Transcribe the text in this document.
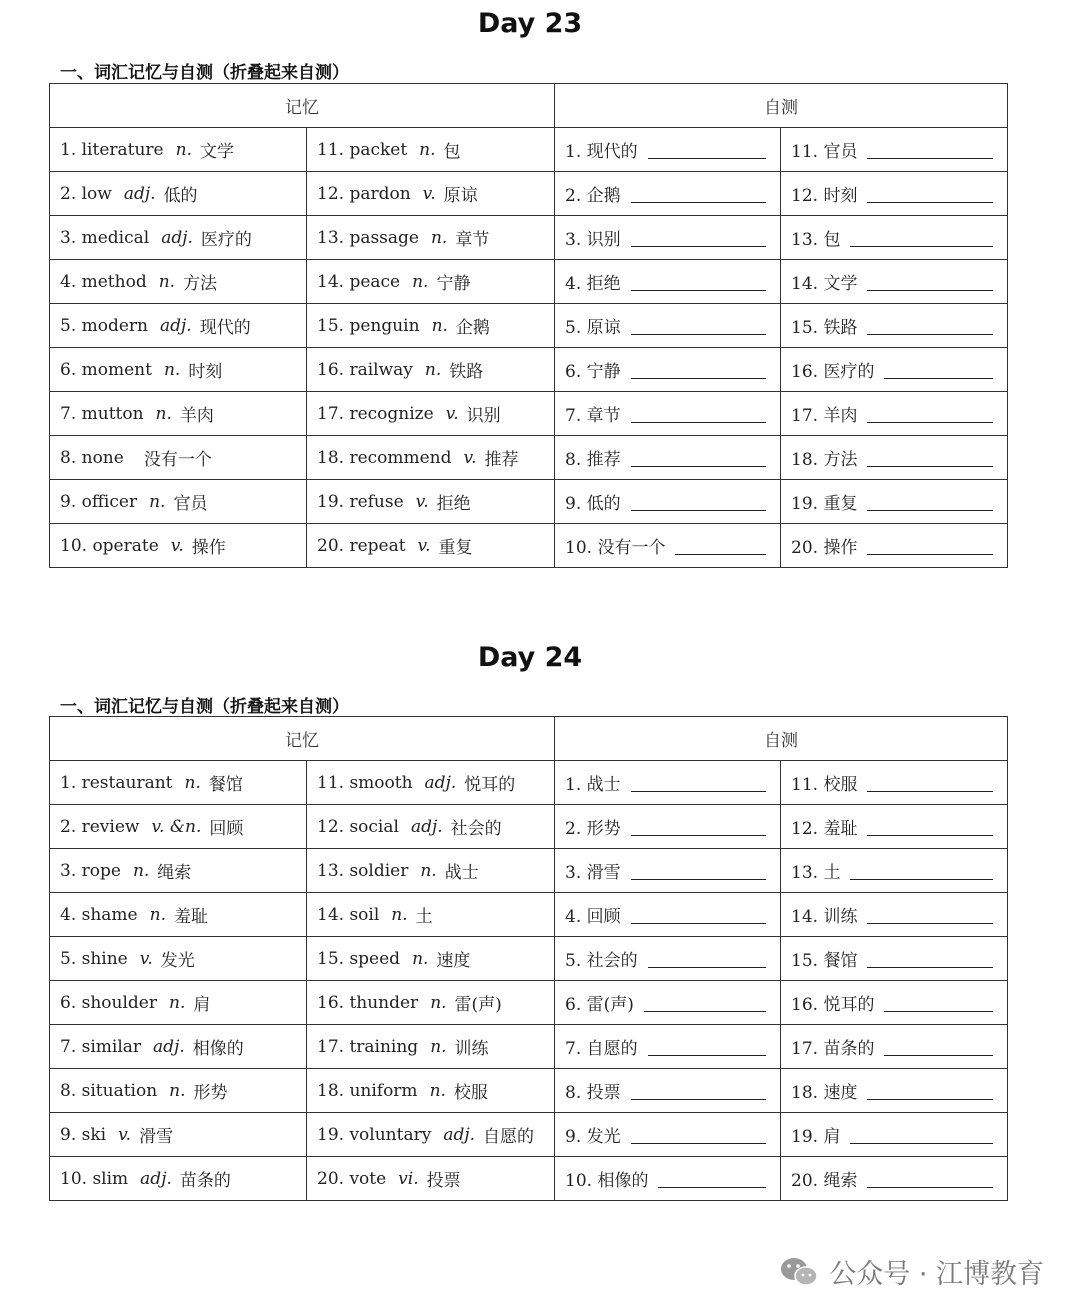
Day 23
一、词汇记忆与自测（折叠起来自测）
记忆		自测	

1. literature n. 文学	11. packet n. 包	1. 现代的	11. 官员

2. low adj. 低的	12. pardon v. 原谅	2. 企鹅	12. 时刻

3. medical adj. 医疗的	13. passage n. 章节	3. 识别	13. 包

4. method n. 方法	14. peace n. 宁静	4. 拒绝	14. 文学

5. modern adj. 现代的	15. penguin n. 企鹅	5. 原谅	15. 铁路

6. moment n. 时刻	16. railway n. 铁路	6. 宁静	16. 医疗的

7. mutton n. 羊肉	17. recognize v. 识别	7. 章节	17. 羊肉

8. none 没有一个	18. recommend v. 推荐	8. 推荐	18. 方法

9. officer n. 官员	19. refuse v. 拒绝	9. 低的	19. 重复

10. operate v. 操作	20. repeat v. 重复	10. 没有一个	20. 操作
Day 24
一、词汇记忆与自测（折叠起来自测）
记忆		自测	

1. restaurant n. 餐馆	11. smooth adj. 悦耳的	1. 战士	11. 校服

2. review v. &n. 回顾	12. social adj. 社会的	2. 形势	12. 羞耻

3. rope n. 绳索	13. soldier n. 战士	3. 滑雪	13. 土

4. shame n. 羞耻	14. soil n. 土	4. 回顾	14. 训练

5. shine v. 发光	15. speed n. 速度	5. 社会的	15. 餐馆

6. shoulder n. 肩	16. thunder n. 雷(声)	6. 雷(声)	16. 悦耳的

7. similar adj. 相像的	17. training n. 训练	7. 自愿的	17. 苗条的

8. situation n. 形势	18. uniform n. 校服	8. 投票	18. 速度

9. ski v. 滑雪	19. voluntary adj. 自愿的	9. 发光	19. 肩

10. slim adj. 苗条的	20. vote vi. 投票	10. 相像的	20. 绳索
公众号 · 江博教育
